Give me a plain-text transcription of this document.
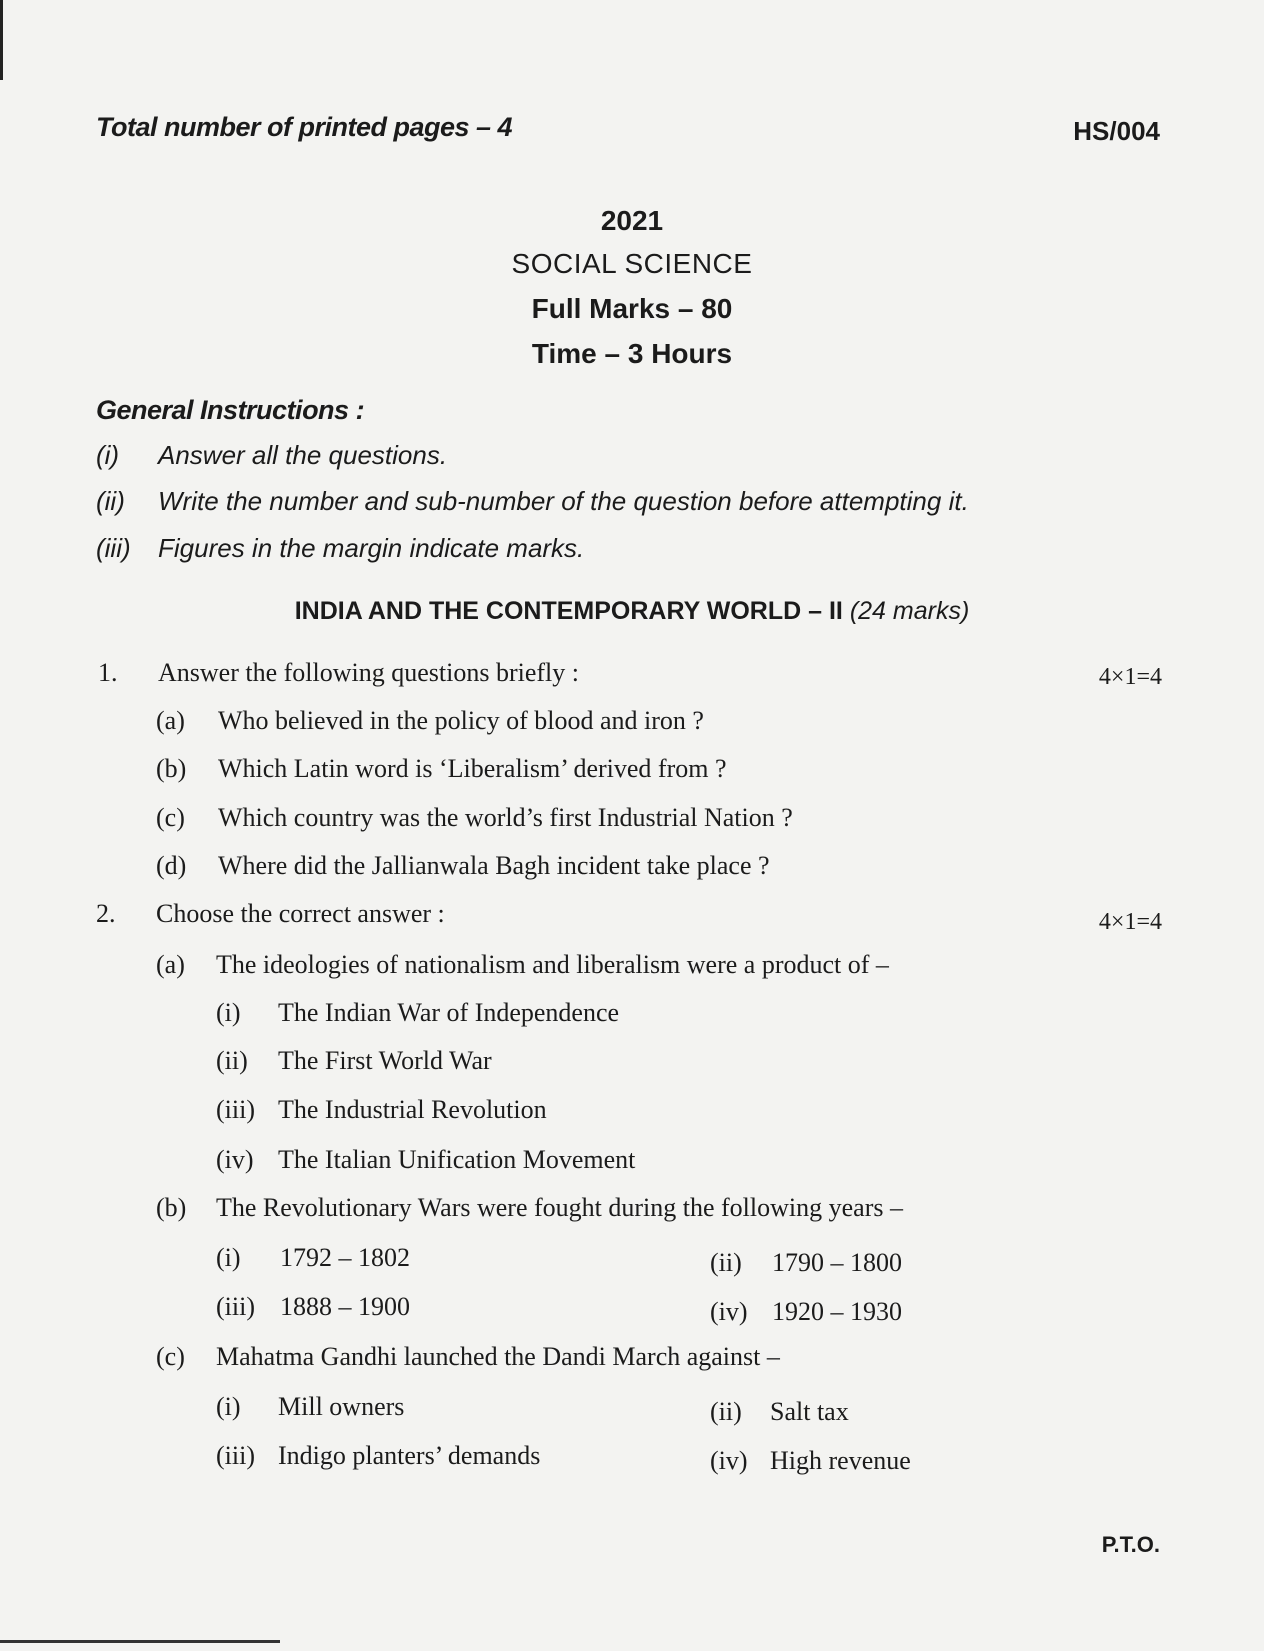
Total number of printed pages – 4	HS/004
2021
SOCIAL SCIENCE
Full Marks – 80
Time – 3 Hours
General Instructions :
(i) Answer all the questions.
(ii) Write the number and sub-number of the question before attempting it.
(iii) Figures in the margin indicate marks.
INDIA AND THE CONTEMPORARY WORLD – II (24 marks)
1. Answer the following questions briefly :	4×1=4
(a) Who believed in the policy of blood and iron ?
(b) Which Latin word is ‘Liberalism’ derived from ?
(c) Which country was the world’s first Industrial Nation ?
(d) Where did the Jallianwala Bagh incident take place ?
2. Choose the correct answer :	4×1=4
(a) The ideologies of nationalism and liberalism were a product of –
(i) The Indian War of Independence
(ii) The First World War
(iii) The Industrial Revolution
(iv) The Italian Unification Movement
(b) The Revolutionary Wars were fought during the following years –
(i) 1792 – 1802	(ii) 1790 – 1800
(iii) 1888 – 1900	(iv) 1920 – 1930
(c) Mahatma Gandhi launched the Dandi March against –
(i) Mill owners	(ii) Salt tax
(iii) Indigo planters’ demands	(iv) High revenue
P.T.O.
